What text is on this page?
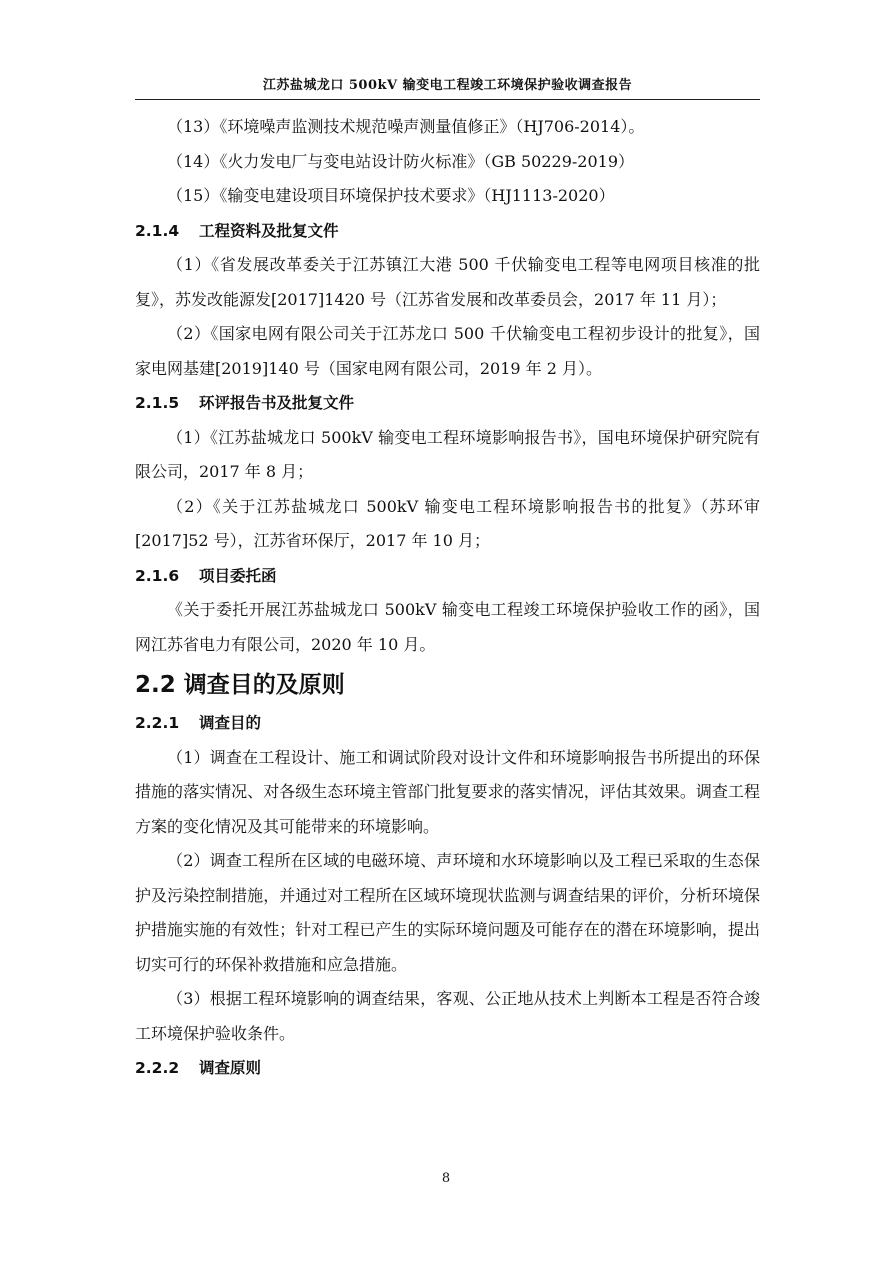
江苏盐城龙口 500kV 输变电工程竣工环境保护验收调查报告

（13）《环境噪声监测技术规范噪声测量值修正》（HJ706-2014）。

（14）《火力发电厂与变电站设计防火标准》（GB 50229-2019）

（15）《输变电建设项目环境保护技术要求》（HJ1113-2020）

2.1.4 工程资料及批复文件

（1）《省发展改革委关于江苏镇江大港 500 千伏输变电工程等电网项目核准的批复》，苏发改能源发[2017]1420 号（江苏省发展和改革委员会，2017 年 11 月）；

（2）《国家电网有限公司关于江苏龙口 500 千伏输变电工程初步设计的批复》，国家电网基建[2019]140 号（国家电网有限公司，2019 年 2 月）。

2.1.5 环评报告书及批复文件

（1）《江苏盐城龙口 500kV 输变电工程环境影响报告书》，国电环境保护研究院有限公司，2017 年 8 月；

（2）《关于江苏盐城龙口 500kV 输变电工程环境影响报告书的批复》（苏环审[2017]52 号），江苏省环保厅，2017 年 10 月；

2.1.6 项目委托函

《关于委托开展江苏盐城龙口 500kV 输变电工程竣工环境保护验收工作的函》，国网江苏省电力有限公司，2020 年 10 月。

2.2 调查目的及原则
2.2.1 调查目的

（1）调查在工程设计、施工和调试阶段对设计文件和环境影响报告书所提出的环保措施的落实情况、对各级生态环境主管部门批复要求的落实情况，评估其效果。调查工程方案的变化情况及其可能带来的环境影响。

（2）调查工程所在区域的电磁环境、声环境和水环境影响以及工程已采取的生态保护及污染控制措施，并通过对工程所在区域环境现状监测与调查结果的评价，分析环境保护措施实施的有效性；针对工程已产生的实际环境问题及可能存在的潜在环境影响，提出切实可行的环保补救措施和应急措施。

（3）根据工程环境影响的调查结果，客观、公正地从技术上判断本工程是否符合竣工环境保护验收条件。

2.2.2 调查原则
8
